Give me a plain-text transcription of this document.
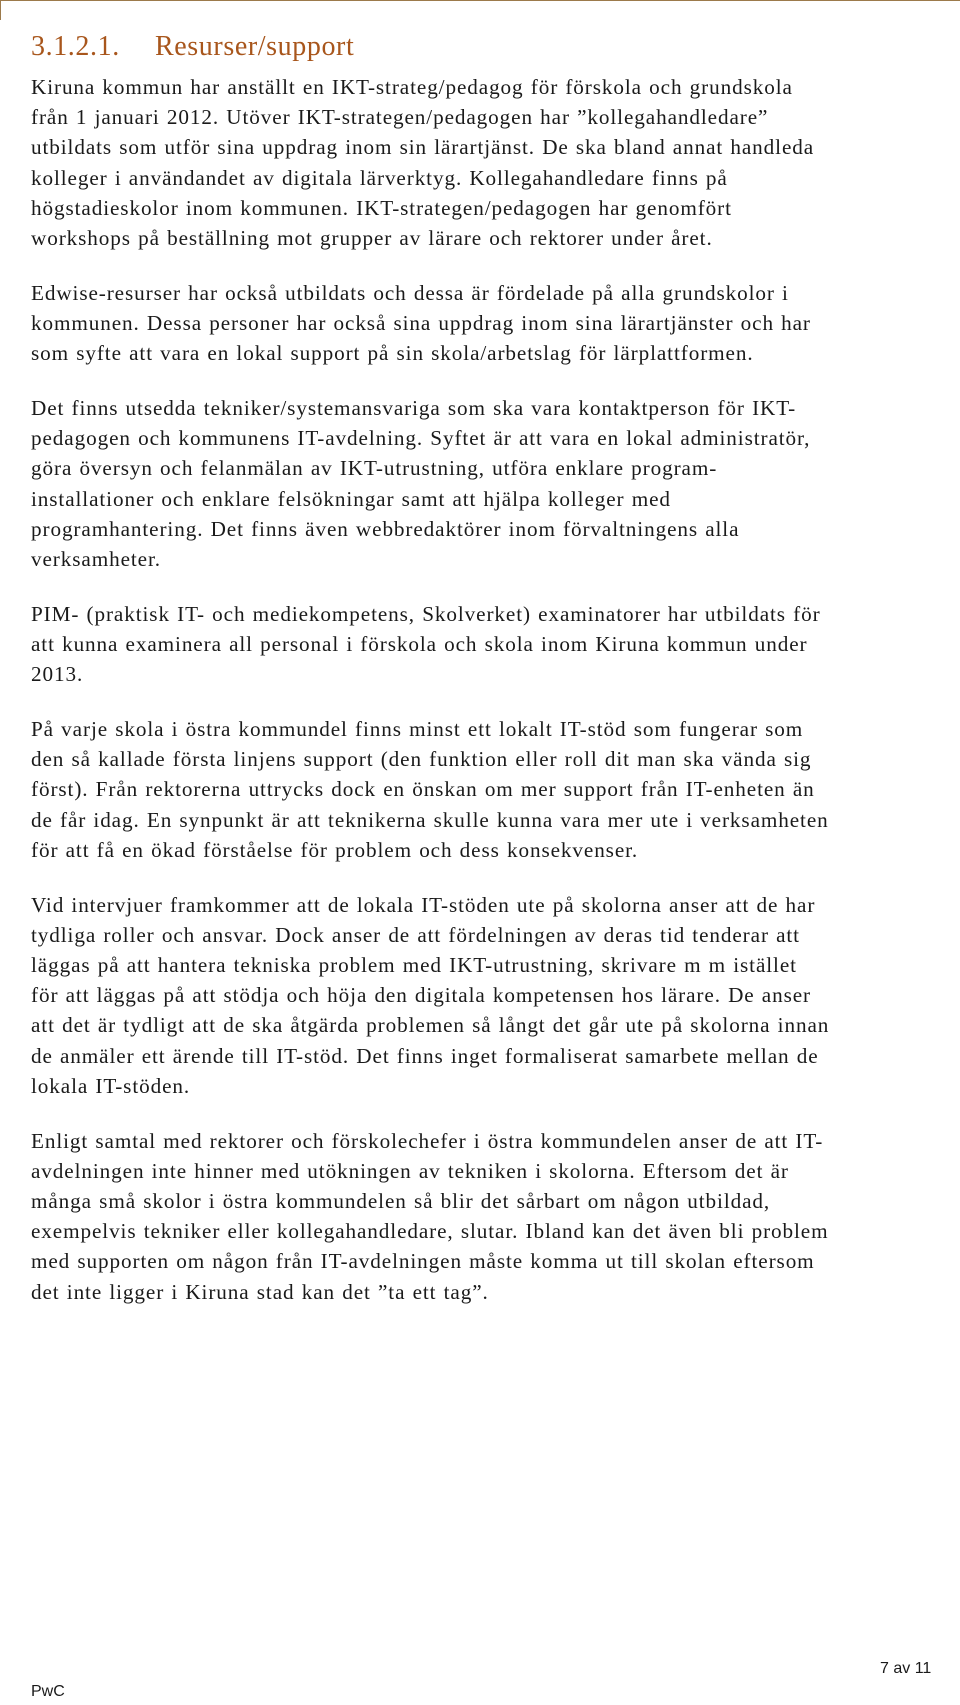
3.1.2.1. Resurser/support

Kiruna kommun har anställt en IKT-strateg/pedagog för förskola och grundskola
från 1 januari 2012. Utöver IKT-strategen/pedagogen har ”kollegahandledare”
utbildats som utför sina uppdrag inom sin lärartjänst. De ska bland annat handleda
kolleger i användandet av digitala lärverktyg. Kollegahandledare finns på
högstadieskolor inom kommunen. IKT-strategen/pedagogen har genomfört
workshops på beställning mot grupper av lärare och rektorer under året.

Edwise-resurser har också utbildats och dessa är fördelade på alla grundskolor i
kommunen. Dessa personer har också sina uppdrag inom sina lärartjänster och har
som syfte att vara en lokal support på sin skola/arbetslag för lärplattformen.

Det finns utsedda tekniker/systemansvariga som ska vara kontaktperson för IKT-
pedagogen och kommunens IT-avdelning. Syftet är att vara en lokal administratör,
göra översyn och felanmälan av IKT-utrustning, utföra enklare program-
installationer och enklare felsökningar samt att hjälpa kolleger med
programhantering. Det finns även webbredaktörer inom förvaltningens alla
verksamheter.

PIM- (praktisk IT- och mediekompetens, Skolverket) examinatorer har utbildats för
att kunna examinera all personal i förskola och skola inom Kiruna kommun under
2013.

På varje skola i östra kommundel finns minst ett lokalt IT-stöd som fungerar som
den så kallade första linjens support (den funktion eller roll dit man ska vända sig
först). Från rektorerna uttrycks dock en önskan om mer support från IT-enheten än
de får idag. En synpunkt är att teknikerna skulle kunna vara mer ute i verksamheten
för att få en ökad förståelse för problem och dess konsekvenser.

Vid intervjuer framkommer att de lokala IT-stöden ute på skolorna anser att de har
tydliga roller och ansvar. Dock anser de att fördelningen av deras tid tenderar att
läggas på att hantera tekniska problem med IKT-utrustning, skrivare m m istället
för att läggas på att stödja och höja den digitala kompetensen hos lärare. De anser
att det är tydligt att de ska åtgärda problemen så långt det går ute på skolorna innan
de anmäler ett ärende till IT-stöd. Det finns inget formaliserat samarbete mellan de
lokala IT-stöden.

Enligt samtal med rektorer och förskolechefer i östra kommundelen anser de att IT-
avdelningen inte hinner med utökningen av tekniken i skolorna. Eftersom det är
många små skolor i östra kommundelen så blir det sårbart om någon utbildad,
exempelvis tekniker eller kollegahandledare, slutar. Ibland kan det även bli problem
med supporten om någon från IT-avdelningen måste komma ut till skolan eftersom
det inte ligger i Kiruna stad kan det ”ta ett tag”.

PwC
7 av 11
